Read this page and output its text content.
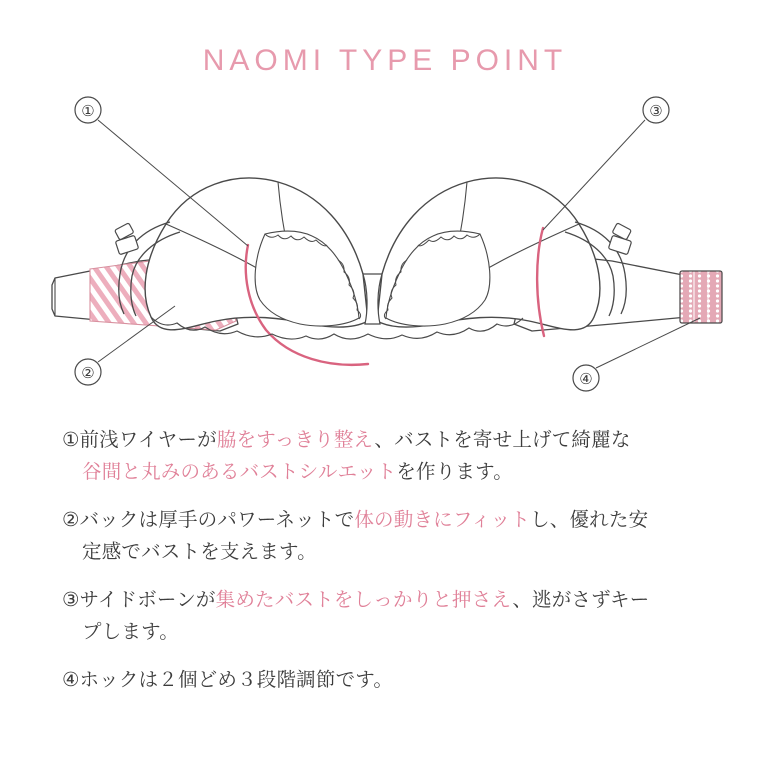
NAOMI TYPE POINT
①
②
③
④
①前浅ワイヤーが脇をすっきり整え、バストを寄せ上げて綺麗な
谷間と丸みのあるバストシルエットを作ります。
②バックは厚手のパワーネットで体の動きにフィットし、優れた安
定感でバストを支えます。
③サイドボーンが集めたバストをしっかりと押さえ、逃がさずキー
プします。
④ホックは２個どめ３段階調節です。
